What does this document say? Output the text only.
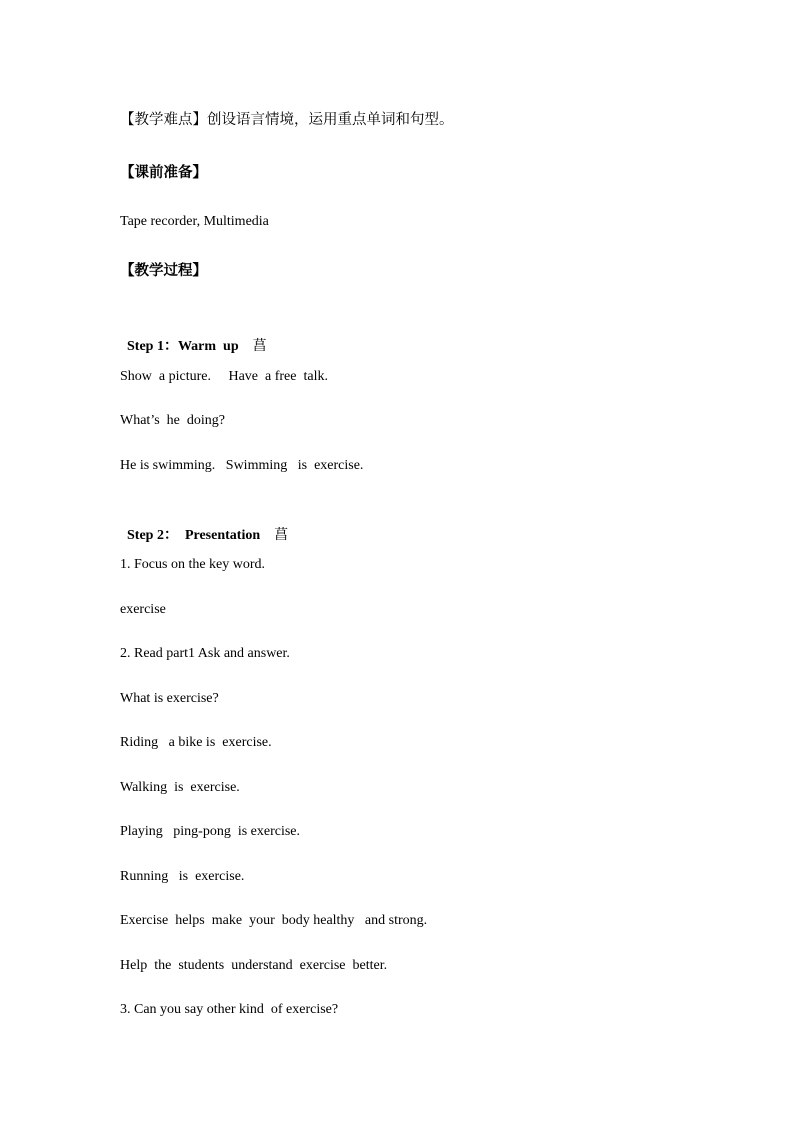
【教学难点】创设语言情境，运用重点单词和句型。
【课前准备】
Tape recorder, Multimedia
【教学过程】

Step 1：Warm  up 菖

Show  a picture.     Have  a free  talk.
What’s  he  doing?
He is swimming.   Swimming   is  exercise.

Step 2：  Presentation 菖

1. Focus on the key word.
exercise
2. Read part1 Ask and answer.
What is exercise?
Riding   a bike is  exercise.
Walking  is  exercise.
Playing   ping-pong  is exercise.
Running   is  exercise.
Exercise  helps  make  your  body healthy   and strong.
Help  the  students  understand  exercise  better.
3. Can you say other kind  of exercise?
